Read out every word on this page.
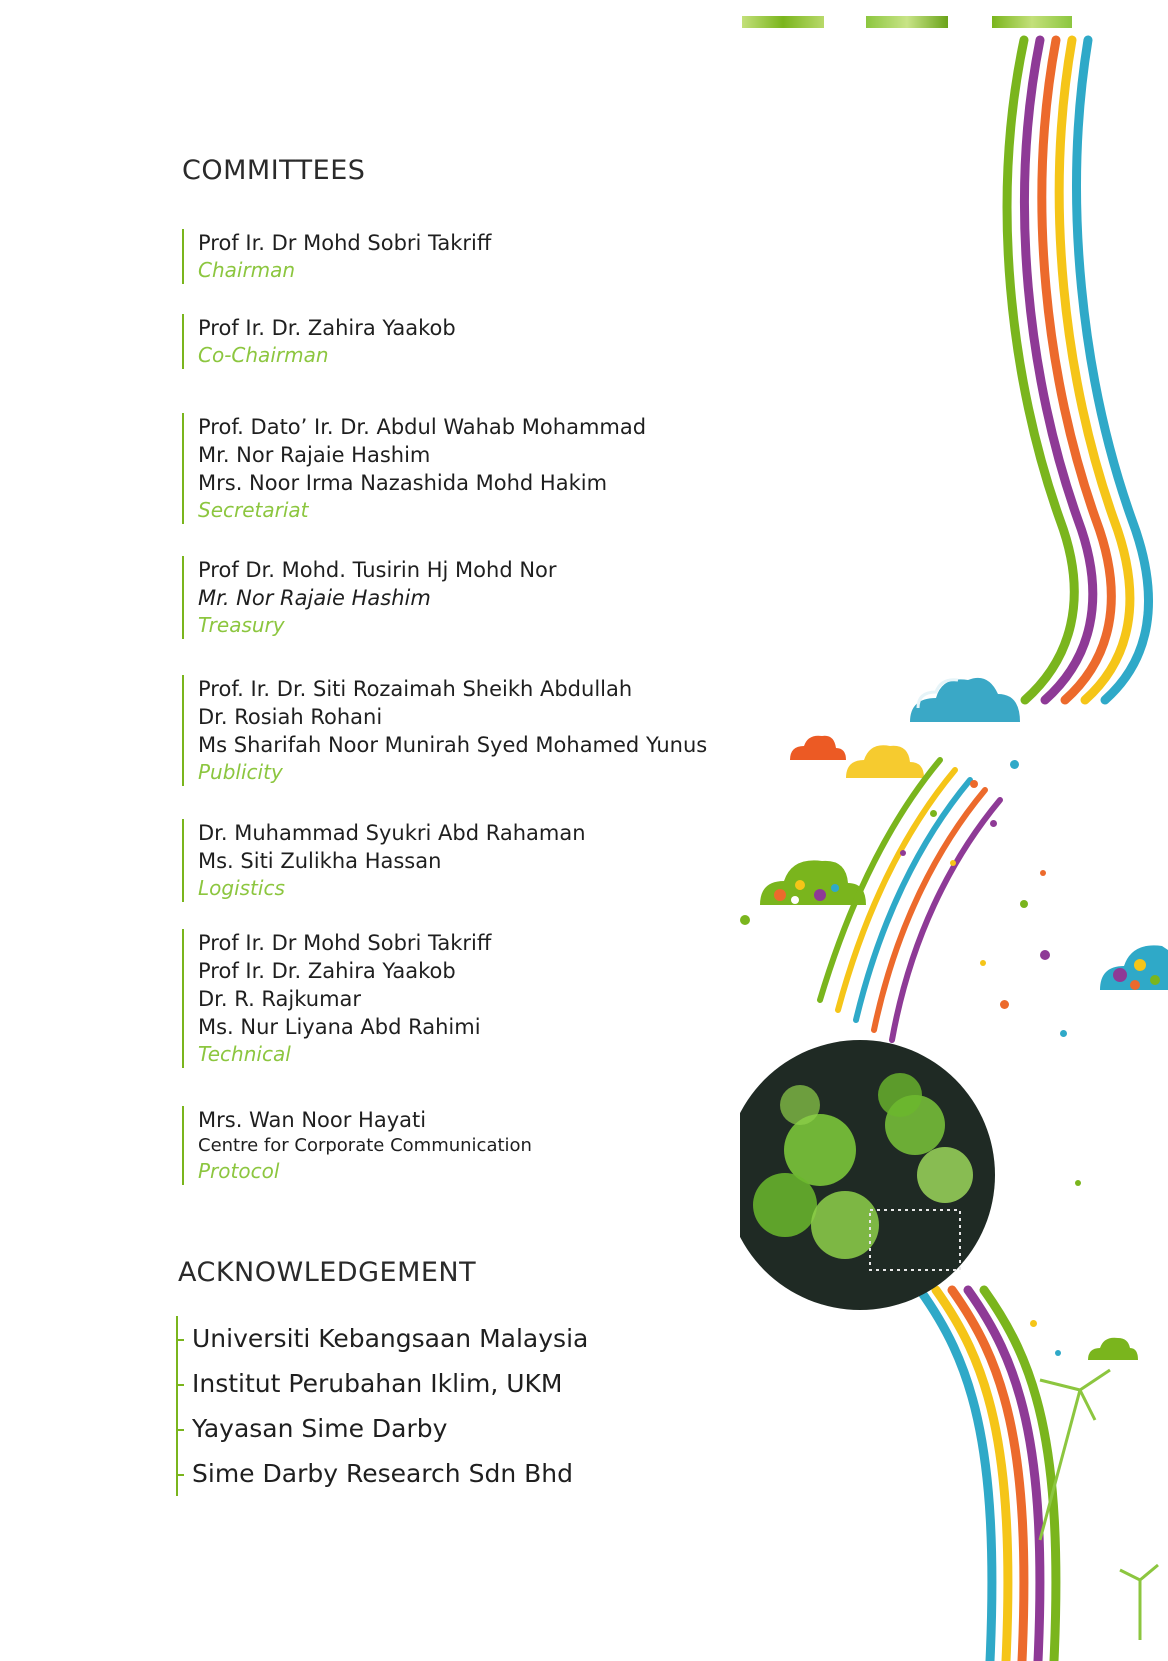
COMMITTEES
Prof Ir. Dr Mohd Sobri Takriff
Chairman
Prof Ir. Dr. Zahira Yaakob
Co-Chairman
Prof. Dato’ Ir. Dr. Abdul Wahab Mohammad
Mr. Nor Rajaie Hashim
Mrs. Noor Irma Nazashida Mohd Hakim
Secretariat
Prof Dr. Mohd. Tusirin Hj Mohd Nor
Mr. Nor Rajaie Hashim
Treasury
Prof. Ir. Dr. Siti Rozaimah Sheikh Abdullah
Dr. Rosiah Rohani
Ms Sharifah Noor Munirah Syed Mohamed Yunus
Publicity
Dr. Muhammad Syukri Abd Rahaman
Ms. Siti Zulikha Hassan
Logistics
Prof Ir. Dr Mohd Sobri Takriff
Prof Ir. Dr. Zahira Yaakob
Dr. R. Rajkumar
Ms. Nur Liyana Abd Rahimi
Technical
Mrs. Wan Noor Hayati
Centre for Corporate Communication
Protocol
ACKNOWLEDGEMENT
Universiti Kebangsaan Malaysia
Institut Perubahan Iklim, UKM
Yayasan Sime Darby
Sime Darby Research Sdn Bhd
